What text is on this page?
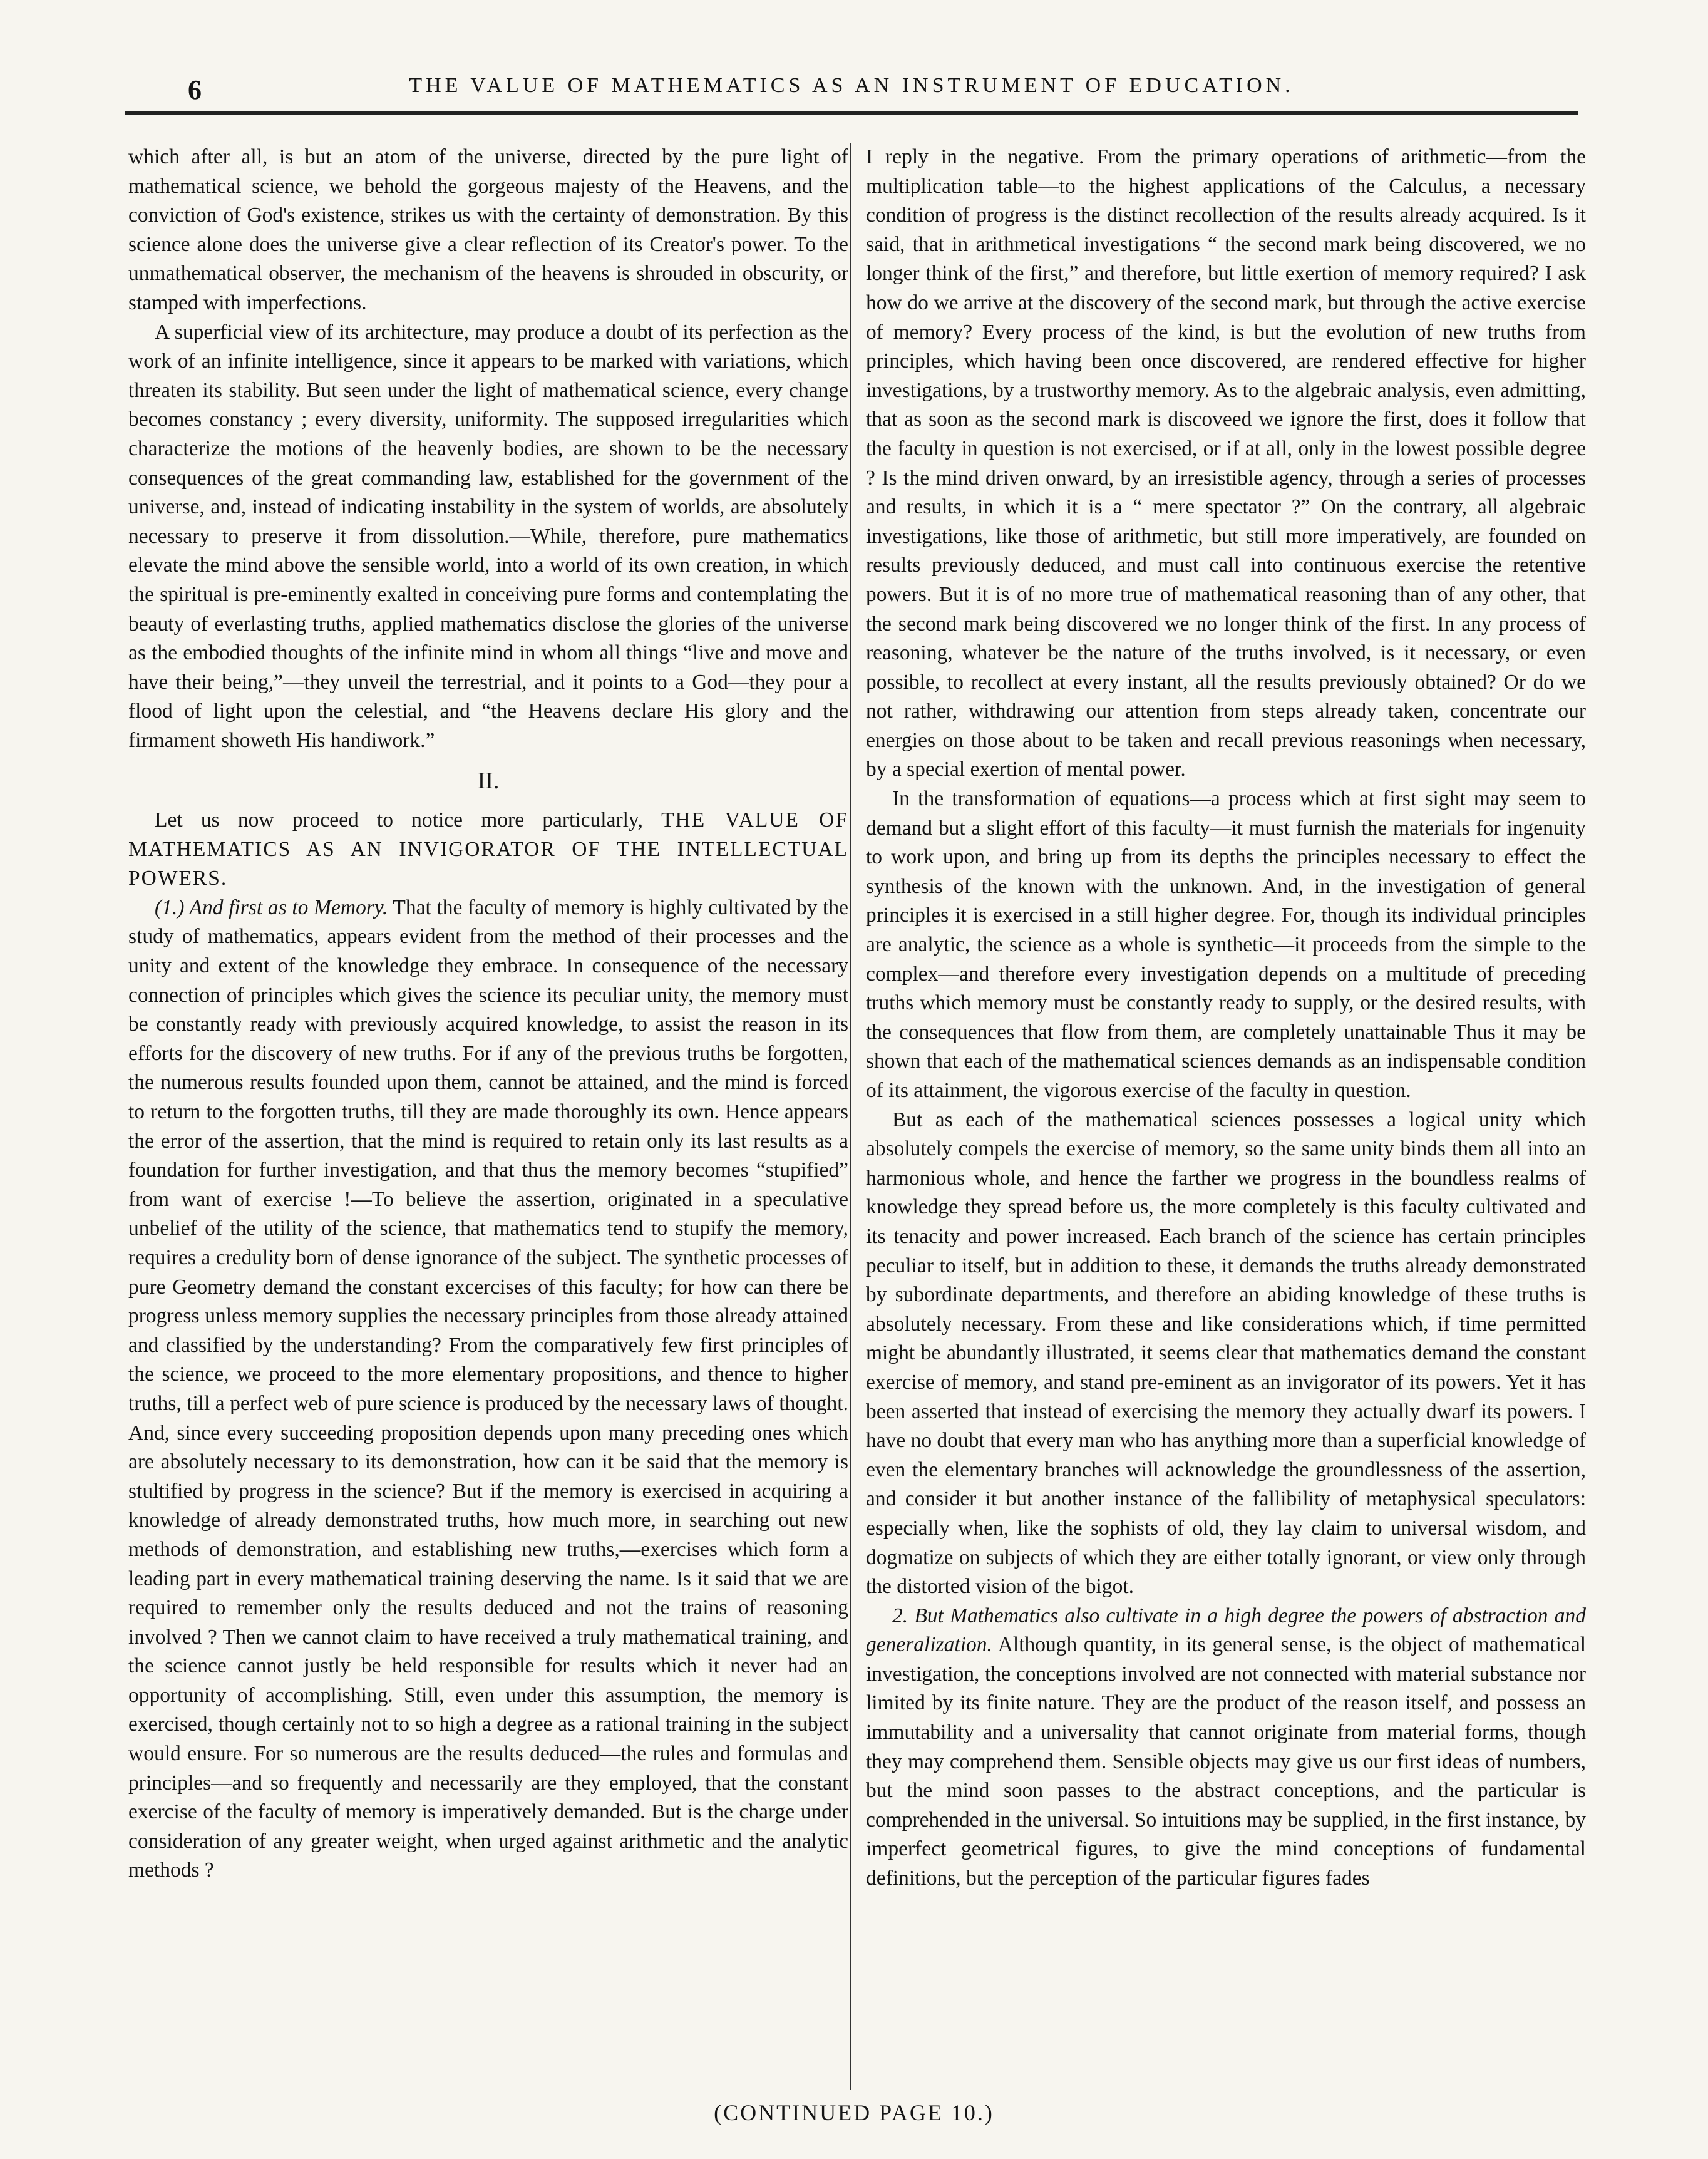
6	THE VALUE OF MATHEMATICS AS AN INSTRUMENT OF EDUCATION.

which after all, is but an atom of the universe, directed by the pure light of mathematical science, we behold the gorgeous majesty of the Heavens, and the conviction of God's existence, strikes us with the certainty of demonstration. By this science alone does the universe give a clear reflection of its Creator's power. To the unmathematical observer, the mechanism of the heavens is shrouded in obscurity, or stamped with imperfections.

A superficial view of its architecture, may produce a doubt of its perfection as the work of an infinite intelligence, since it appears to be marked with variations, which threaten its stability. But seen under the light of mathematical science, every change becomes constancy ; every diversity, uniformity. The supposed irregularities which characterize the motions of the heavenly bodies, are shown to be the necessary consequences of the great commanding law, established for the government of the universe, and, instead of indicating instability in the system of worlds, are absolutely necessary to preserve it from dissolution.—While, therefore, pure mathematics elevate the mind above the sensible world, into a world of its own creation, in which the spiritual is pre-eminently exalted in conceiving pure forms and contemplating the beauty of everlasting truths, applied mathematics disclose the glories of the universe as the embodied thoughts of the infinite mind in whom all things “live and move and have their being,”—they unveil the terrestrial, and it points to a God—they pour a flood of light upon the celestial, and “the Heavens declare His glory and the firmament showeth His handiwork.”

II.

Let us now proceed to notice more particularly, THE VALUE OF MATHEMATICS AS AN INVIGORATOR OF THE INTELLECTUAL POWERS.

(1.) And first as to Memory. That the faculty of memory is highly cultivated by the study of mathematics, appears evident from the method of their processes and the unity and extent of the knowledge they embrace. In consequence of the necessary connection of principles which gives the science its peculiar unity, the memory must be constantly ready with previously acquired knowledge, to assist the reason in its efforts for the discovery of new truths. For if any of the previous truths be forgotten, the numerous results founded upon them, cannot be attained, and the mind is forced to return to the forgotten truths, till they are made thoroughly its own. Hence appears the error of the assertion, that the mind is required to retain only its last results as a foundation for further investigation, and that thus the memory becomes “stupified” from want of exercise !—To believe the assertion, originated in a speculative unbelief of the utility of the science, that mathematics tend to stupify the memory, requires a credulity born of dense ignorance of the subject. The synthetic processes of pure Geometry demand the constant excercises of this faculty; for how can there be progress unless memory supplies the necessary principles from those already attained and classified by the understanding? From the comparatively few first principles of the science, we proceed to the more elementary propositions, and thence to higher truths, till a perfect web of pure science is produced by the necessary laws of thought. And, since every succeeding proposition depends upon many preceding ones which are absolutely necessary to its demonstration, how can it be said that the memory is stultified by progress in the science? But if the memory is exercised in acquiring a knowledge of already demonstrated truths, how much more, in searching out new methods of demonstration, and establishing new truths,—exercises which form a leading part in every mathematical training deserving the name. Is it said that we are required to remember only the results deduced and not the trains of reasoning involved ? Then we cannot claim to have received a truly mathematical training, and the science cannot justly be held responsible for results which it never had an opportunity of accomplishing. Still, even under this assumption, the memory is exercised, though certainly not to so high a degree as a rational training in the subject would ensure. For so numerous are the results deduced—the rules and formulas and principles—and so frequently and necessarily are they employed, that the constant exercise of the faculty of memory is imperatively demanded. But is the charge under consideration of any greater weight, when urged against arithmetic and the analytic methods ?

I reply in the negative. From the primary operations of arithmetic—from the multiplication table—to the highest applications of the Calculus, a necessary condition of progress is the distinct recollection of the results already acquired. Is it said, that in arithmetical investigations “ the second mark being discovered, we no longer think of the first,” and therefore, but little exertion of memory required? I ask how do we arrive at the discovery of the second mark, but through the active exercise of memory? Every process of the kind, is but the evolution of new truths from principles, which having been once discovered, are rendered effective for higher investigations, by a trustworthy memory. As to the algebraic analysis, even admitting, that as soon as the second mark is discoveed we ignore the first, does it follow that the faculty in question is not exercised, or if at all, only in the lowest possible degree ? Is the mind driven onward, by an irresistible agency, through a series of processes and results, in which it is a “ mere spectator ?” On the contrary, all algebraic investigations, like those of arithmetic, but still more imperatively, are founded on results previously deduced, and must call into continuous exercise the retentive powers. But it is of no more true of mathematical reasoning than of any other, that the second mark being discovered we no longer think of the first. In any process of reasoning, whatever be the nature of the truths involved, is it necessary, or even possible, to recollect at every instant, all the results previously obtained? Or do we not rather, withdrawing our attention from steps already taken, concentrate our energies on those about to be taken and recall previous reasonings when necessary, by a special exertion of mental power.

In the transformation of equations—a process which at first sight may seem to demand but a slight effort of this faculty—it must furnish the materials for ingenuity to work upon, and bring up from its depths the principles necessary to effect the synthesis of the known with the unknown. And, in the investigation of general principles it is exercised in a still higher degree. For, though its individual principles are analytic, the science as a whole is synthetic—it proceeds from the simple to the complex—and therefore every investigation depends on a multitude of preceding truths which memory must be constantly ready to supply, or the desired results, with the consequences that flow from them, are completely unattainable Thus it may be shown that each of the mathematical sciences demands as an indispensable condition of its attainment, the vigorous exercise of the faculty in question.

But as each of the mathematical sciences possesses a logical unity which absolutely compels the exercise of memory, so the same unity binds them all into an harmonious whole, and hence the farther we progress in the boundless realms of knowledge they spread before us, the more completely is this faculty cultivated and its tenacity and power increased. Each branch of the science has certain principles peculiar to itself, but in addition to these, it demands the truths already demonstrated by subordinate departments, and therefore an abiding knowledge of these truths is absolutely necessary. From these and like considerations which, if time permitted might be abundantly illustrated, it seems clear that mathematics demand the constant exercise of memory, and stand pre-eminent as an invigorator of its powers. Yet it has been asserted that instead of exercising the memory they actually dwarf its powers. I have no doubt that every man who has anything more than a superficial knowledge of even the elementary branches will acknowledge the groundlessness of the assertion, and consider it but another instance of the fallibility of metaphysical speculators: especially when, like the sophists of old, they lay claim to universal wisdom, and dogmatize on subjects of which they are either totally ignorant, or view only through the distorted vision of the bigot.

2. But Mathematics also cultivate in a high degree the powers of abstraction and generalization. Although quantity, in its general sense, is the object of mathematical investigation, the conceptions involved are not connected with material substance nor limited by its finite nature. They are the product of the reason itself, and possess an immutability and a universality that cannot originate from material forms, though they may comprehend them. Sensible objects may give us our first ideas of numbers, but the mind soon passes to the abstract conceptions, and the particular is comprehended in the universal. So intuitions may be supplied, in the first instance, by imperfect geometrical figures, to give the mind conceptions of fundamental definitions, but the perception of the particular figures fades

(CONTINUED PAGE 10.)
